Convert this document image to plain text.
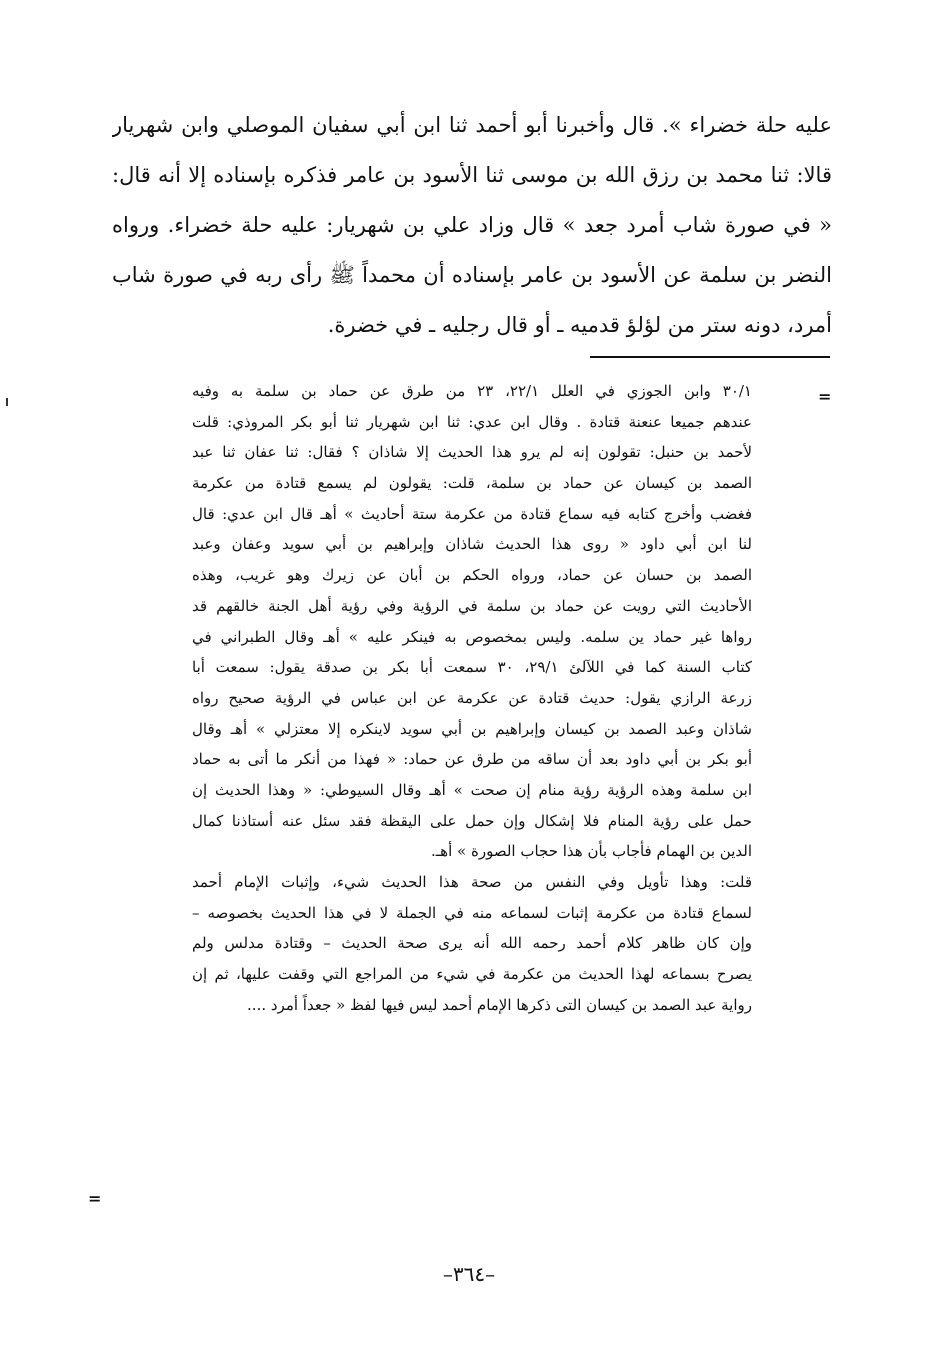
عليه حلة خضراء ». قال وأخبرنا أبو أحمد ثنا ابن أبي سفيان الموصلي وابن شهريار
قالا: ثنا محمد بن رزق الله بن موسى ثنا الأسود بن عامر فذكره بإسناده إلا أنه قال:
« في صورة شاب أمرد جعد » قال وزاد علي بن شهريار: عليه حلة خضراء. ورواه
النضر بن سلمة عن الأسود بن عامر بإسناده أن محمداً ﷺ رأى ربه في صورة شاب
أمرد، دونه ستر من لؤلؤ قدميه ـ أو قال رجليه ـ في خضرة.
=
٣٠/١ وابن الجوزي في العلل ٢٢/١، ٢٣ من طرق عن حماد بن سلمة به وفيه
عندهم جميعا عنعنة قتادة . وقال ابن عدي: ثنا ابن شهريار ثنا أبو بكر المروذي: قلت
لأحمد بن حنبل: تقولون إنه لم يرو هذا الحديث إلا شاذان ؟ فقال: ثنا عفان ثنا عبد
الصمد بن كيسان عن حماد بن سلمة، قلت: يقولون لم يسمع قتادة من عكرمة
فغضب وأخرج كتابه فيه سماع قتادة من عكرمة ستة أحاديث » أهـ قال ابن عدي: قال
لنا ابن أبي داود « روى هذا الحديث شاذان وإبراهيم بن أبي سويد وعفان وعبد
الصمد بن حسان عن حماد، ورواه الحكم بن أبان عن زيرك وهو غريب، وهذه
الأحاديث التي رويت عن حماد بن سلمة في الرؤية وفي رؤية أهل الجنة خالقهم قد
رواها غير حماد ين سلمه. وليس بمخصوص به فينكر عليه » أهـ وقال الطبراني في
كتاب السنة كما في اللآلئ ٢٩/١، ٣٠ سمعت أبا بكر بن صدقة يقول: سمعت أبا
زرعة الرازي يقول: حديث قتادة عن عكرمة عن ابن عباس في الرؤية صحيح رواه
شاذان وعبد الصمد بن كيسان وإبراهيم بن أبي سويد لاينكره إلا معتزلي » أهـ وقال
أبو بكر بن أبي داود بعد أن ساقه من طرق عن حماد: « فهذا من أنكر ما أتى به حماد
ابن سلمة وهذه الرؤية رؤية منام إن صحت » أهـ وقال السيوطي: « وهذا الحديث إن
حمل على رؤية المنام فلا إشكال وإن حمل على اليقظة فقد سئل عنه أستاذنا كمال
الدين بن الهمام فأجاب بأن هذا حجاب الصورة » أهـ.
قلت: وهذا تأويل وفي النفس من صحة هذا الحديث شيء، وإثبات الإمام أحمد
لسماع قتادة من عكرمة إثبات لسماعه منه في الجملة لا في هذا الحديث بخصوصه –
وإن كان ظاهر كلام أحمد رحمه الله أنه يرى صحة الحديث – وقتادة مدلس ولم
يصرح بسماعه لهذا الحديث من عكرمة في شيء من المراجع التي وقفت عليها، ثم إن
رواية عبد الصمد بن كيسان التى ذكرها الإمام أحمد ليس فيها لفظ « جعداً أمرد ....
=
–٣٦٤–
